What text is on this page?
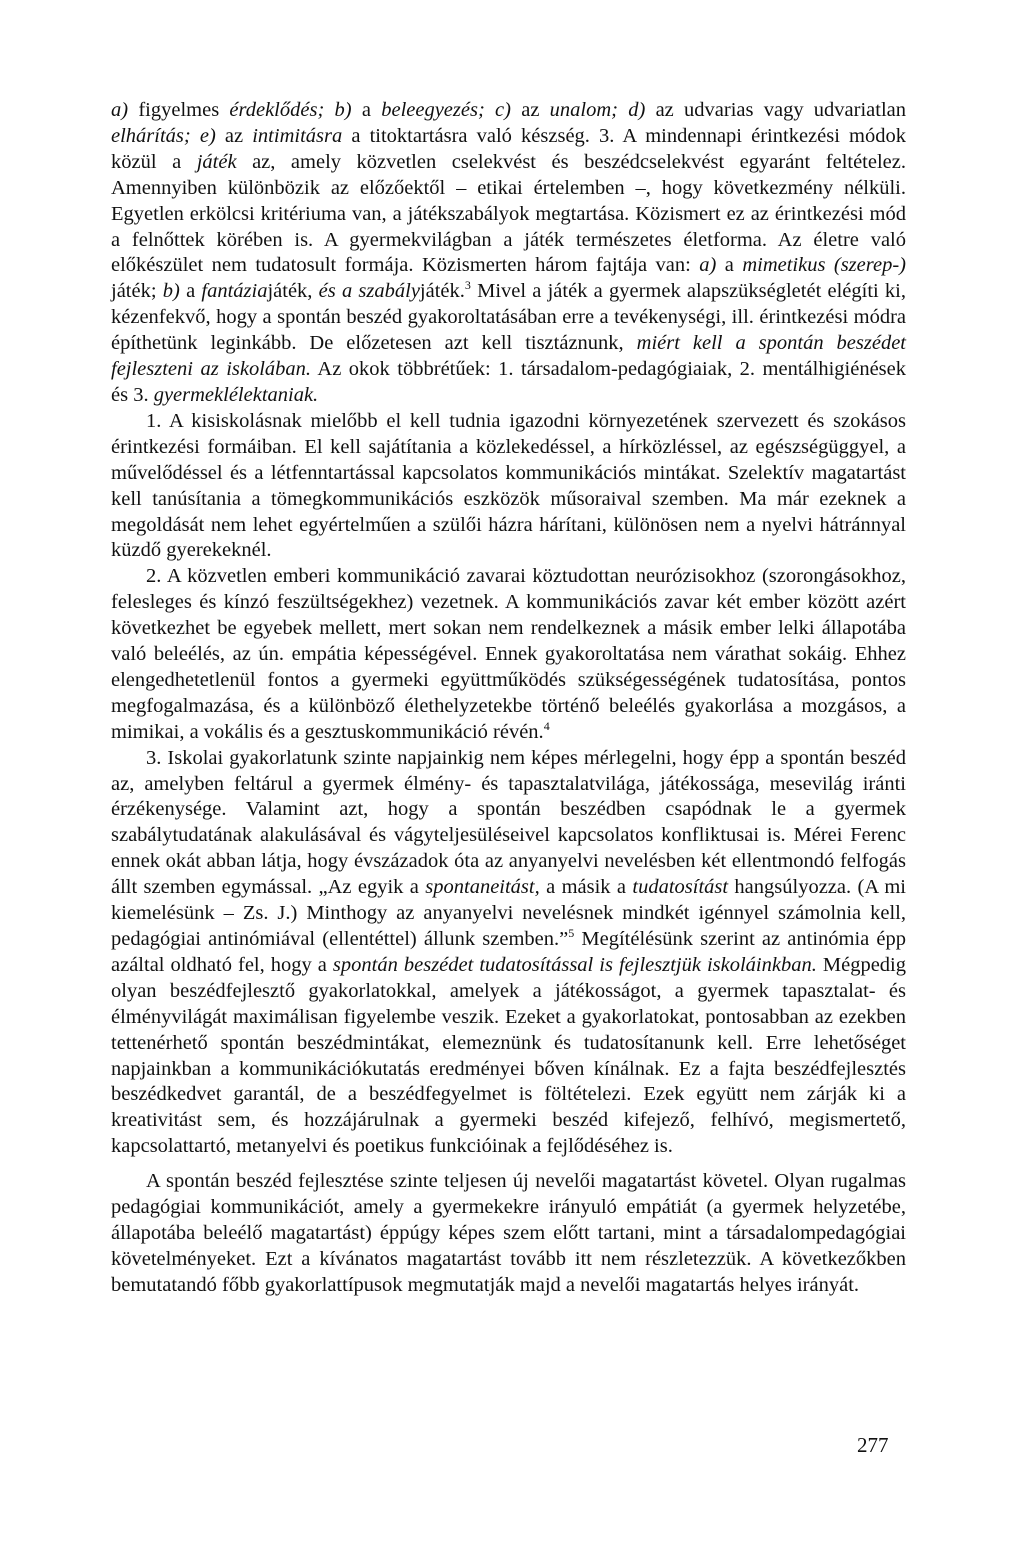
a) figyelmes érdeklődés; b) a beleegyezés; c) az unalom; d) az udvarias vagy udvariatlan elhárítás; e) az intimitásra a titoktartásra való készség. 3. A mindennapi érintkezési módok közül a játék az, amely közvetlen cselekvést és beszédcselekvést egyaránt feltételez. Amennyiben különbözik az előzőektől – etikai értelemben –, hogy következmény nélküli. Egyetlen erkölcsi kritériuma van, a játékszabályok megtartása. Közismert ez az érintkezési mód a felnőttek körében is. A gyermekvilágban a játék természetes életforma. Az életre való előkészület nem tudatosult formája. Közismerten három fajtája van: a) a mimetikus (szerep-) játék; b) a fantáziajáték, és a szabályjáték.$^3$ Mivel a játék a gyermek alapszükségletét elégíti ki, kézenfekvő, hogy a spontán beszéd gyakoroltatásában erre a tevékenységi, ill. érintkezési módra építhetünk leginkább. De előzetesen azt kell tisztáznunk, miért kell a spontán beszédet fejleszteni az iskolában. Az okok többrétűek: 1. társadalom-pedagógiaiak, 2. mentálhigiénések és 3. gyermeklélektaniak.

1. A kisiskolásnak mielőbb el kell tudnia igazodni környezetének szervezett és szokásos érintkezési formáiban. El kell sajátítania a közlekedéssel, a hírközléssel, az egészségüggyel, a művelődéssel és a létfenntartással kapcsolatos kommunikációs mintákat. Szelektív magatartást kell tanúsítania a tömegkommunikációs eszközök műsoraival szemben. Ma már ezeknek a megoldását nem lehet egyértelműen a szülői házra hárítani, különösen nem a nyelvi hátránnyal küzdő gyerekeknél.

2. A közvetlen emberi kommunikáció zavarai köztudottan neurózisokhoz (szorongásokhoz, felesleges és kínzó feszültségekhez) vezetnek. A kommunikációs zavar két ember között azért következhet be egyebek mellett, mert sokan nem rendelkeznek a másik ember lelki állapotába való beleélés, az ún. empátia képességével. Ennek gyakoroltatása nem várathat sokáig. Ehhez elengedhetetlenül fontos a gyermeki együttműködés szükségességének tudatosítása, pontos megfogalmazása, és a különböző élethelyzetekbe történő beleélés gyakorlása a mozgásos, a mimikai, a vokális és a gesztuskommunikáció révén.$^4$

3. Iskolai gyakorlatunk szinte napjainkig nem képes mérlegelni, hogy épp a spontán beszéd az, amelyben feltárul a gyermek élmény- és tapasztalatvilága, játékossága, mesevilág iránti érzékenysége. Valamint azt, hogy a spontán beszédben csapódnak le a gyermek szabálytudatának alakulásával és vágyteljesüléseivel kapcsolatos konfliktusai is. Mérei Ferenc ennek okát abban látja, hogy évszázadok óta az anyanyelvi nevelésben két ellentmondó felfogás állt szemben egymással. „Az egyik a spontaneitást, a másik a tudatosítást hangsúlyozza. (A mi kiemelésünk – Zs. J.) Minthogy az anyanyelvi nevelésnek mindkét igénnyel számolnia kell, pedagógiai antinómiával (ellentéttel) állunk szemben.”$^5$ Megítélésünk szerint az antinómia épp azáltal oldható fel, hogy a spontán beszédet tudatosítással is fejlesztjük iskoláinkban. Mégpedig olyan beszédfejlesztő gyakorlatokkal, amelyek a játékosságot, a gyermek tapasztalat- és élményvilágát maximálisan figyelembe veszik. Ezeket a gyakorlatokat, pontosabban az ezekben tettenérhető spontán beszédmintákat, elemeznünk és tudatosítanunk kell. Erre lehetőséget napjainkban a kommunikációkutatás eredményei bőven kínálnak. Ez a fajta beszédfejlesztés beszédkedvet garantál, de a beszédfegyelmet is föltételezi. Ezek együtt nem zárják ki a kreativitást sem, és hozzájárulnak a gyermeki beszéd kifejező, felhívó, megismertető, kapcsolattartó, metanyelvi és poetikus funkcióinak a fejlődéséhez is.

A spontán beszéd fejlesztése szinte teljesen új nevelői magatartást követel. Olyan rugalmas pedagógiai kommunikációt, amely a gyermekekre irányuló empátiát (a gyermek helyzetébe, állapotába beleélő magatartást) éppúgy képes szem előtt tartani, mint a társadalompedagógiai követelményeket. Ezt a kívánatos magatartást tovább itt nem részletezzük. A következőkben bemutatandó főbb gyakorlattípusok megmutatják majd a nevelői magatartás helyes irányát.

277
